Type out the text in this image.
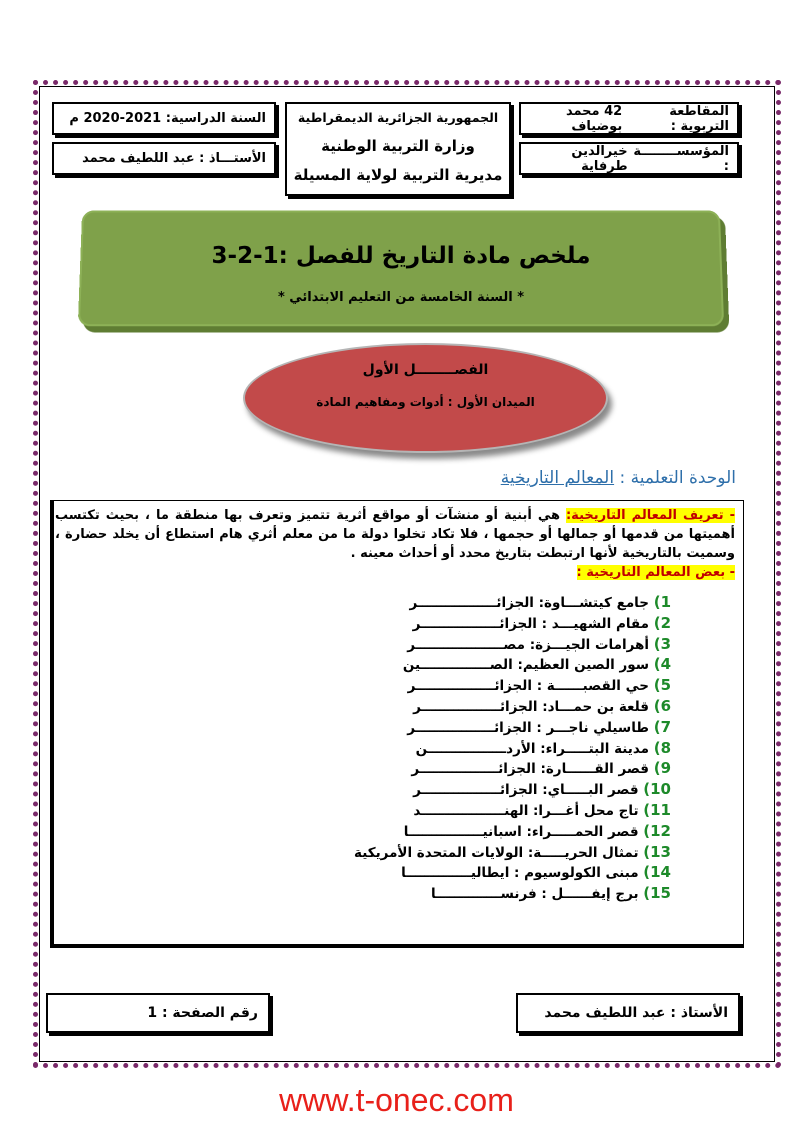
المقاطعة التربوية :

42 محمد بوضياف
المؤسســــــــة :

خيرالدين طرفاية
الجمهورية الجزائرية الديمقراطية
وزارة التربية الوطنية
مديرية التربية لولاية المسيلة
السنة الدراسية:

2020-2021 م
الأستـــاذ :

عبد اللطيف محمد
ملخص مادة التاريخ للفصل :1-2-3
* السنة الخامسة من التعليم الابتدائي *
الفصــــــــل الأول
الميدان الأول : أدوات ومفاهيم المادة
الوحدة التعلمية : المعالم التاريخية
- تعريف المعالم التاريخية: هي أبنية أو منشآت أو مواقع أثرية تتميز وتعرف بها منطقة ما ، بحيث تكتسب أهميتها من قدمها أو جمالها أو حجمها ، فلا تكاد تخلوا دولة ما من معلم أثري هام استطاع أن يخلد حضارة ، وسميت بالتاريخية لأنها ارتبطت بتاريخ محدد أو أحداث معينه .
- بعض المعالم التاريخية :
1) جامع كيتشـــاوة: الجزائـــــــــــــــــر
2) مقام الشهيـــد : الجزائـــــــــــــــــر
3) أهرامات الجيـــزة: مصـــــــــــــــــــر
4) سور الصين العظيم: الصـــــــــــــــين
5) حي القصبــــــة : الجزائـــــــــــــــــر
6) قلعة بن حمـــاد: الجزائـــــــــــــــــر
7) طاسيلي ناجـــر : الجزائـــــــــــــــــر
8) مدينة البتـــــراء: الأردـــــــــــــــــن
9) قصر القــــــارة: الجزائـــــــــــــــــر
10) قصر البـــــاي: الجزائـــــــــــــــــر
11) تاج محل أغـــرا: الهنــــــــــــــــــد
12) قصر الحمـــــراء: اسبانيــــــــــــــــا
13) تمثال الحريـــــة: الولايات المتحدة الأمريكية
14) مبنى الكولوسيوم : ايطاليــــــــــــــا
15) برج إيفــــــل : فرنســــــــــــــا
الأستاذ :

عبد اللطيف محمد
رقم الصفحة :

1
www.t-onec.com
